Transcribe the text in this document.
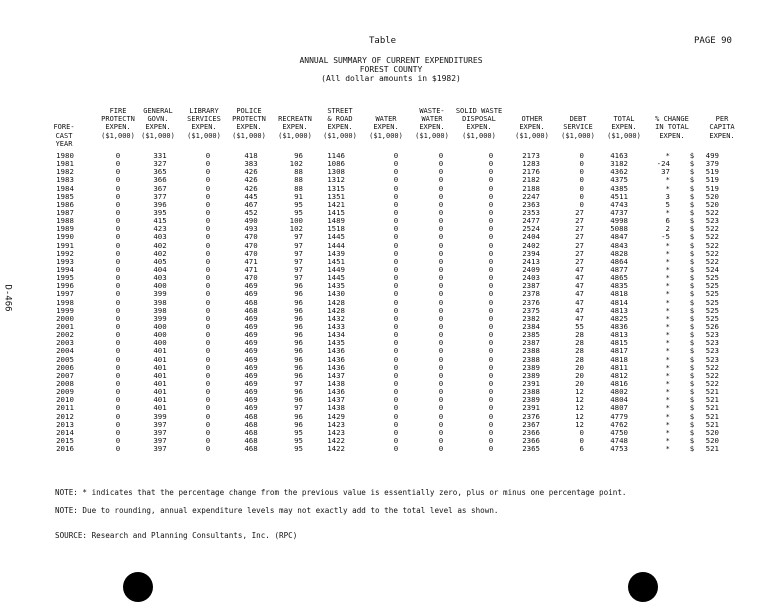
Table	PAGE 90
ANNUAL SUMMARY OF CURRENT EXPENDITURES
FOREST COUNTY
(All dollar amounts in $1982)
D-466

FORE-
CAST
YEAR
FIRE
PROTECTN
EXPEN.
($1,000)

GENERAL
GOVN.
EXPEN.
($1,000)

LIBRARY
SERVICES
EXPEN.
($1,000)

POLICE
PROTECTN
EXPEN.
($1,000)

RECREATN
EXPEN.
($1,000)

STREET
& ROAD
EXPEN.
($1,000)

WATER
EXPEN.
($1,000)

WASTE-
WATER
EXPEN.
($1,000)

SOLID WASTE
DISPOSAL
EXPEN.
($1,000)

OTHER
EXPEN.
($1,000)

DEBT
SERVICE
($1,000)

TOTAL
EXPEN.
($1,000)

% CHANGE
IN TOTAL
EXPEN.

PER
CAPITA
EXPEN.

1980	0	331	0	418	96	1146	0	0	0	2173	0	4163	*	$ 499
1981	0	327	0	383	102	1086	0	0	0	1283	0	3182	-24	$ 379
1982	0	365	0	426	88	1308	0	0	0	2176	0	4362	37	$ 519
1983	0	366	0	426	88	1312	0	0	0	2182	0	4375	*	$ 519
1984	0	367	0	426	88	1315	0	0	0	2188	0	4385	*	$ 519
1985	0	377	0	445	91	1351	0	0	0	2247	0	4511	3	$ 520
1986	0	396	0	467	95	1421	0	0	0	2363	0	4743	5	$ 520
1987	0	395	0	452	95	1415	0	0	0	2353	27	4737	*	$ 522
1988	0	415	0	490	100	1489	0	0	0	2477	27	4998	6	$ 523
1989	0	423	0	493	102	1518	0	0	0	2524	27	5088	2	$ 522
1990	0	403	0	470	97	1445	0	0	0	2404	27	4847	-5	$ 522
1991	0	402	0	470	97	1444	0	0	0	2402	27	4843	*	$ 522
1992	0	402	0	470	97	1439	0	0	0	2394	27	4828	*	$ 522
1993	0	405	0	471	97	1451	0	0	0	2413	27	4864	*	$ 522
1994	0	404	0	471	97	1449	0	0	0	2409	47	4877	*	$ 524
1995	0	403	0	470	97	1445	0	0	0	2403	47	4865	*	$ 525
1996	0	400	0	469	96	1435	0	0	0	2387	47	4835	*	$ 525
1997	0	399	0	469	96	1430	0	0	0	2378	47	4818	*	$ 525
1998	0	398	0	468	96	1428	0	0	0	2376	47	4814	*	$ 525
1999	0	398	0	468	96	1428	0	0	0	2375	47	4813	*	$ 525
2000	0	399	0	469	96	1432	0	0	0	2382	47	4825	*	$ 525
2001	0	400	0	469	96	1433	0	0	0	2384	55	4836	*	$ 526
2002	0	400	0	469	96	1434	0	0	0	2385	28	4813	*	$ 523
2003	0	400	0	469	96	1435	0	0	0	2387	28	4815	*	$ 523
2004	0	401	0	469	96	1436	0	0	0	2388	28	4817	*	$ 523
2005	0	401	0	469	96	1436	0	0	0	2388	28	4818	*	$ 523
2006	0	401	0	469	96	1436	0	0	0	2389	20	4811	*	$ 522
2007	0	401	0	469	96	1437	0	0	0	2389	20	4812	*	$ 522
2008	0	401	0	469	97	1438	0	0	0	2391	20	4816	*	$ 522
2009	0	401	0	469	96	1436	0	0	0	2388	12	4802	*	$ 521
2010	0	401	0	469	96	1437	0	0	0	2389	12	4804	*	$ 521
2011	0	401	0	469	97	1438	0	0	0	2391	12	4807	*	$ 521
2012	0	399	0	468	96	1429	0	0	0	2376	12	4779	*	$ 521
2013	0	397	0	468	96	1423	0	0	0	2367	12	4762	*	$ 521
2014	0	397	0	468	95	1423	0	0	0	2366	0	4750	*	$ 520
2015	0	397	0	468	95	1422	0	0	0	2366	0	4748	*	$ 520
2016	0	397	0	468	95	1422	0	0	0	2365	6	4753	*	$ 521
NOTE: * indicates that the percentage change from the previous value is essentially zero, plus or minus one percentage point.
NOTE: Due to rounding, annual expenditure levels may not exactly add to the total level as shown.
SOURCE: Research and Planning Consultants, Inc. (RPC)
